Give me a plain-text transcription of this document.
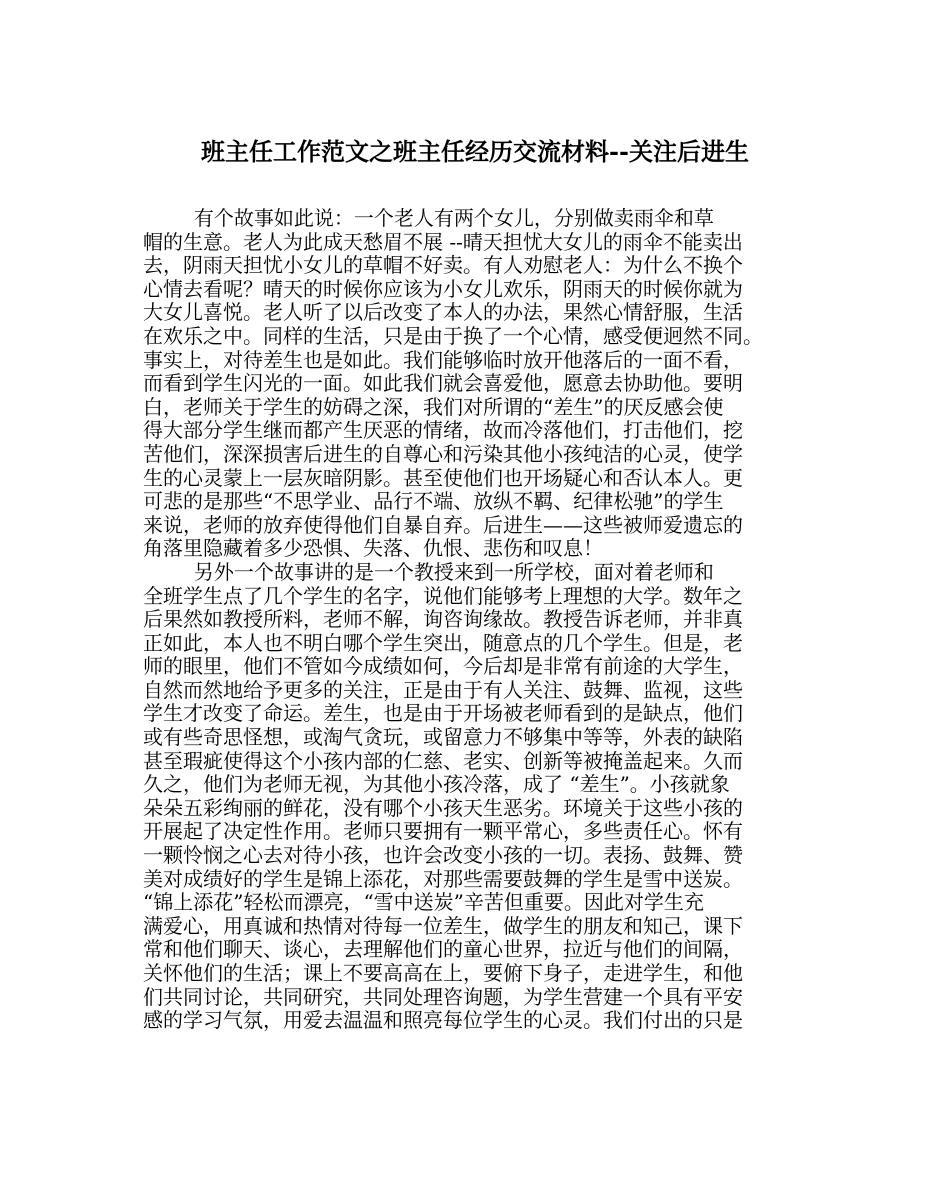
班主任工作范文之班主任经历交流材料--关注后进生
有个故事如此说：一个老人有两个女儿，分别做卖雨伞和草
帽的生意。老人为此成天愁眉不展 --晴天担忧大女儿的雨伞不能卖出
去，阴雨天担忧小女儿的草帽不好卖。有人劝慰老人：为什么不换个
心情去看呢？晴天的时候你应该为小女儿欢乐，阴雨天的时候你就为
大女儿喜悦。老人听了以后改变了本人的办法，果然心情舒服，生活
在欢乐之中。同样的生活，只是由于换了一个心情，感受便迥然不同。
事实上，对待差生也是如此。我们能够临时放开他落后的一面不看，
而看到学生闪光的一面。如此我们就会喜爱他，愿意去协助他。要明
白，老师关于学生的妨碍之深，我们对所谓的“差生”的厌反感会使
得大部分学生继而都产生厌恶的情绪，故而冷落他们，打击他们，挖
苦他们，深深损害后进生的自尊心和污染其他小孩纯洁的心灵，使学
生的心灵蒙上一层灰暗阴影。甚至使他们也开场疑心和否认本人。更
可悲的是那些“不思学业、品行不端、放纵不羁、纪律松驰”的学生
来说，老师的放弃使得他们自暴自弃。后进生——这些被师爱遗忘的
角落里隐藏着多少恐惧、失落、仇恨、悲伤和叹息！
另外一个故事讲的是一个教授来到一所学校，面对着老师和
全班学生点了几个学生的名字，说他们能够考上理想的大学。数年之
后果然如教授所料，老师不解，询咨询缘故。教授告诉老师，并非真
正如此，本人也不明白哪个学生突出，随意点的几个学生。但是，老
师的眼里，他们不管如今成绩如何，今后却是非常有前途的大学生，
自然而然地给予更多的关注，正是由于有人关注、鼓舞、监视，这些
学生才改变了命运。差生，也是由于开场被老师看到的是缺点，他们
或有些奇思怪想，或淘气贪玩，或留意力不够集中等等，外表的缺陷
甚至瑕疵使得这个小孩内部的仁慈、老实、创新等被掩盖起来。久而
久之，他们为老师无视，为其他小孩冷落，成了 “差生”。小孩就象
朵朵五彩绚丽的鲜花，没有哪个小孩天生恶劣。环境关于这些小孩的
开展起了决定性作用。老师只要拥有一颗平常心，多些责任心。怀有
一颗怜悯之心去对待小孩，也许会改变小孩的一切。表扬、鼓舞、赞
美对成绩好的学生是锦上添花，对那些需要鼓舞的学生是雪中送炭。
“锦上添花”轻松而漂亮，“雪中送炭”辛苦但重要。因此对学生充
满爱心，用真诚和热情对待每一位差生，做学生的朋友和知己，课下
常和他们聊天、谈心，去理解他们的童心世界，拉近与他们的间隔，
关怀他们的生活；课上不要高高在上，要俯下身子，走进学生，和他
们共同讨论，共同研究，共同处理咨询题，为学生营建一个具有平安
感的学习气氛，用爱去温温和照亮每位学生的心灵。我们付出的只是
